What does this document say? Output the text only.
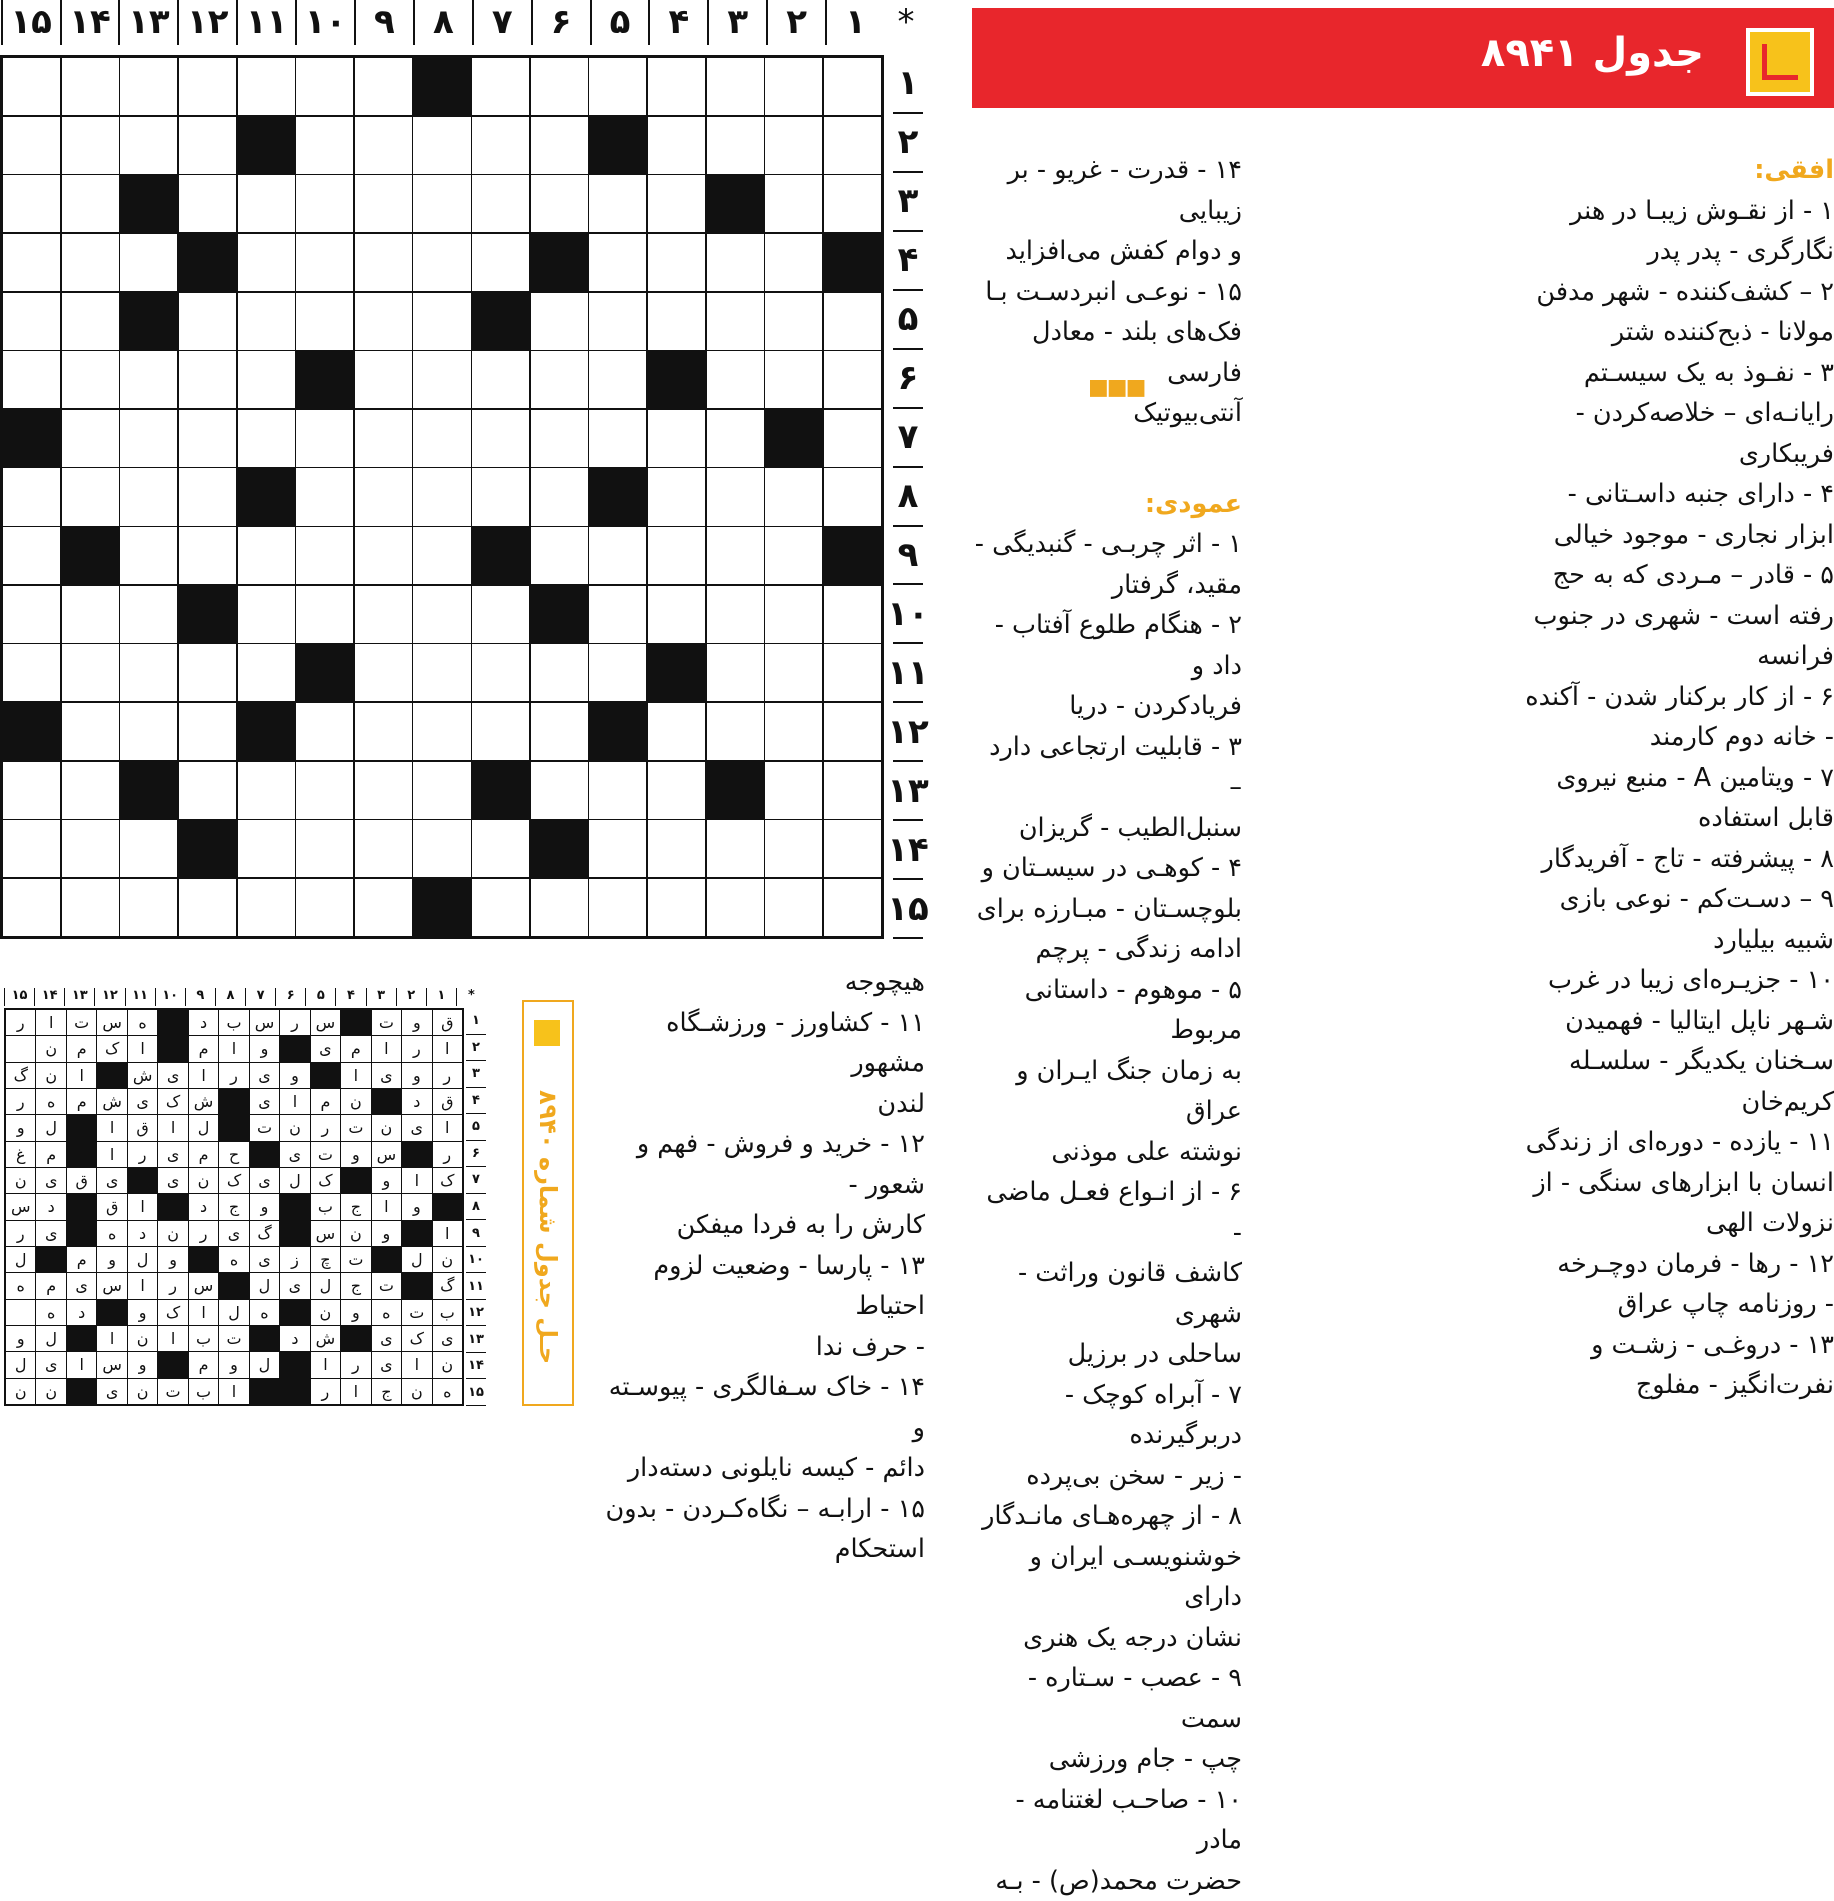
*
۱
۲
۳
۴
۵
۶
۷
۸
۹
۱۰
۱۱
۱۲
۱۳
۱۴
۱۵
۱
۲
۳
۴
۵
۶
۷
۸
۹
۱۰
۱۱
۱۲
۱۳
۱۴
۱۵
جدول ۸۹۴۱
افقی:
۱ - از نقـوش زیبـا در هنر
نگارگری - پدر پدر
۲ – کشف‌کننده - شهر مدفن
مولانا - ذبح‌کننده شتر
۳ - نفـوذ به یک سیسـتم
رایانـه‌ای – خلاصه‌کردن -
فریبکاری
۴ - دارای جنبه داسـتانی -
ابزار نجاری - موجود خیالی
۵ - قادر – مـردی که به حج
رفته است - شهری در جنوب
فرانسه
۶ - از کار برکنار شدن - آکنده
- خانه دوم کارمند
۷ - ویتامین A - منبع نیروی
قابل استفاده
۸ - پیشرفته - تاج - آفریدگار
۹ – دسـت‌کم - نوعی بازی
شبیه بیلیارد
۱۰ - جزیـره‌ای زیبا در غرب
شـهر ناپل ایتالیا - فهمیدن
سـخنان یکدیگر - سلسـله
کریم‌خان
۱۱ - یازده - دوره‌ای از زندگی
انسان با ابزارهای سنگی - از
نزولات الهی
۱۲ - رها - فرمان دوچـرخه
- روزنامه چاپ عراق
۱۳ - دروغـی - زشـت و
نفرت‌انگیز - مفلوج
۱۴ - قدرت - غریو - بر زیبایی
و دوام کفش می‌افزاید
۱۵ - نوعـی انبردسـت بـا
فک‌های بلند - معادل فارسی
آنتی‌بیوتیک
عمودی:
۱ - اثر چربـی - گنبدیگی -
مقید، گرفتار
۲ - هنگام طلوع آفتاب - داد و
فریادکردن - دریا
۳ - قابلیت ارتجاعی دارد –
سنبل‌الطیب - گریزان
۴ - کوهـی در سیسـتان و
بلوچسـتان - مبـارزه برای
ادامه زندگی - پرچم
۵ - موهوم - داستانی مربوط
به زمان جنگ ایـران و عراق
نوشته علی موذنی
۶ - از انـواع فعـل ماضی -
کاشف قانون وراثت - شهری
ساحلی در برزیل
۷ - آبراه کوچک - دربرگیرنده
- زیر - سخن بی‌پرده
۸ - از چهره‌هـای مانـدگار
خوشنویسـی ایران و دارای
نشان درجه یک هنری
۹ - عصب - سـتاره - سمت
چپ - جام ورزشی
۱۰ - صاحـب لغتنامه - مادر
حضرت محمد(ص) - بـه
■■■
هیچوجه
۱۱ - کشاورز - ورزشـگاه مشهور
لندن
۱۲ - خرید و فروش - فهم و شعور -
کارش را به فردا میفکن
۱۳ - پارسا - وضعیت لزوم احتیاط
- حرف ندا
۱۴ - خاک سـفالگری - پیوسـته و
دائم - کیسه نایلونی دسته‌دار
۱۵ - ارابـه – نگاه‌کـردن - بدون
استحکام
*
۱
۲
۳
۴
۵
۶
۷
۸
۹
۱۰
۱۱
۱۲
۱۳
۱۴
۱۵
ق
و
ت
س
ر
س
ب
د
ه
س
ت
ا
ر
ا
ر
ا
م
ی
و
ا
م
ا
ک
م
ن
ر
و
ی
ا
و
ی
ر
ا
ی
ش
ا
ن
گ
ق
د
ن
م
ا
ی
ش
ک
ی
ش
م
ه
ر
ا
ی
ن
ت
ر
ن
ت
ل
ا
ق
ا
ل
و
ر
س
و
ت
ی
ح
م
ی
ر
ا
م
غ
ک
ا
و
ک
ل
ی
ک
ن
ی
ی
ق
ی
ن
و
ا
ج
ب
و
ج
د
ا
ق
د
س
ا
و
ن
س
گ
ی
ر
ن
د
ه
ی
ر
ن
ل
ت
چ
ز
ی
ه
و
ل
و
م
ل
گ
ت
ج
ل
ی
ل
س
ر
ا
س
ی
م
ه
ب
ت
ه
و
ن
ه
ل
ا
ک
و
د
ه
ی
ک
ی
ش
د
ت
ب
ا
ن
ا
ل
و
ن
ا
ی
ر
ا
ل
و
م
و
س
ا
ی
ل
ه
ن
ج
ا
ر
ا
ب
ت
ن
ی
ن
ن
۱
۲
۳
۴
۵
۶
۷
۸
۹
۱۰
۱۱
۱۲
۱۳
۱۴
۱۵
حـل جدول شماره ۸۹۴۰
